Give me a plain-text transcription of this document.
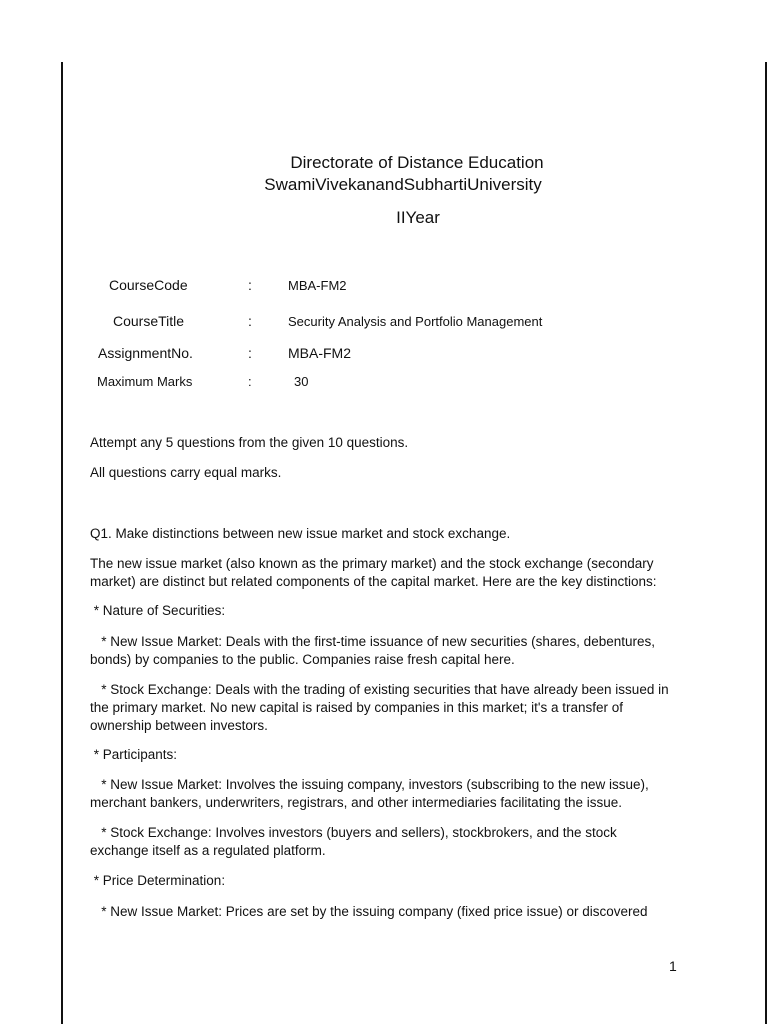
Directorate of Distance Education
SwamiVivekanandSubhartiUniversity
IIYear
CourseCode	:	MBA-FM2
CourseTitle	:	Security Analysis and Portfolio Management
AssignmentNo.	:	MBA-FM2
Maximum Marks	:	30
Attempt any 5 questions from the given 10 questions.
All questions carry equal marks.
Q1. Make distinctions between new issue market and stock exchange.
The new issue market (also known as the primary market) and the stock exchange (secondary market) are distinct but related components of the capital market. Here are the key distinctions:
* Nature of Securities:
* New Issue Market: Deals with the first-time issuance of new securities (shares, debentures, bonds) by companies to the public. Companies raise fresh capital here.
* Stock Exchange: Deals with the trading of existing securities that have already been issued in the primary market. No new capital is raised by companies in this market; it's a transfer of ownership between investors.
* Participants:
* New Issue Market: Involves the issuing company, investors (subscribing to the new issue), merchant bankers, underwriters, registrars, and other intermediaries facilitating the issue.
* Stock Exchange: Involves investors (buyers and sellers), stockbrokers, and the stock exchange itself as a regulated platform.
* Price Determination:
* New Issue Market: Prices are set by the issuing company (fixed price issue) or discovered
1
